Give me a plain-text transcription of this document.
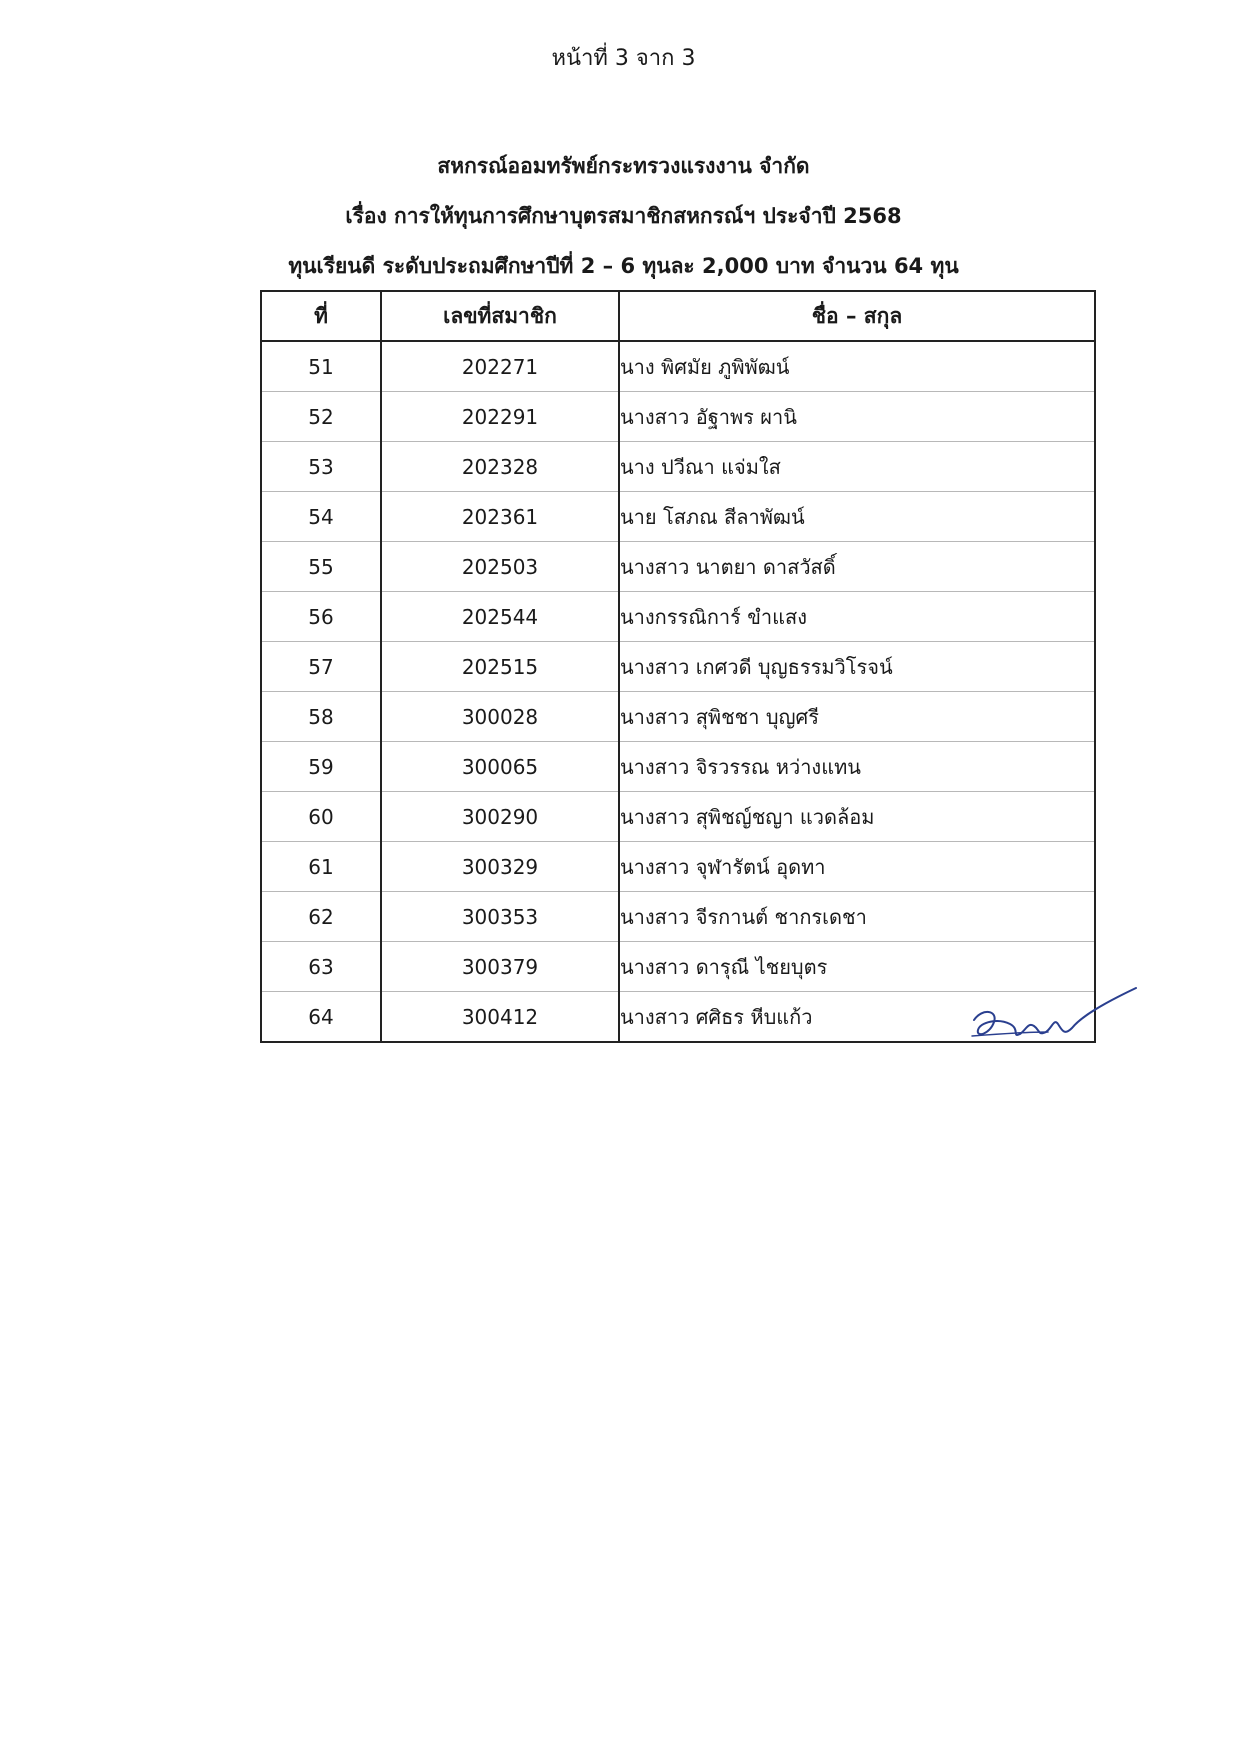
หน้าที่ 3 จาก 3
สหกรณ์ออมทรัพย์กระทรวงแรงงาน จำกัด
เรื่อง การให้ทุนการศึกษาบุตรสมาชิกสหกรณ์ฯ ประจำปี 2568
ทุนเรียนดี ระดับประถมศึกษาปีที่ 2 – 6 ทุนละ 2,000 บาท จำนวน 64 ทุน
ที่	เลขที่สมาชิก	ชื่อ – สกุล
51	202271	นาง พิศมัย ภูพิพัฒน์
52	202291	นางสาว อัฐาพร ผานิ
53	202328	นาง ปวีณา แจ่มใส
54	202361	นาย โสภณ สีลาพัฒน์
55	202503	นางสาว นาตยา ดาสวัสดิ์
56	202544	นางกรรณิการ์ ขำแสง
57	202515	นางสาว เกศวดี บุญธรรมวิโรจน์
58	300028	นางสาว สุพิชชา บุญศรี
59	300065	นางสาว จิรวรรณ หว่างแทน
60	300290	นางสาว สุพิชญ์ชญา แวดล้อม
61	300329	นางสาว จุฬารัตน์ อุดทา
62	300353	นางสาว จีรกานต์ ชากรเดชา
63	300379	นางสาว ดารุณี ไชยบุตร
64	300412	นางสาว ศศิธร หีบแก้ว
